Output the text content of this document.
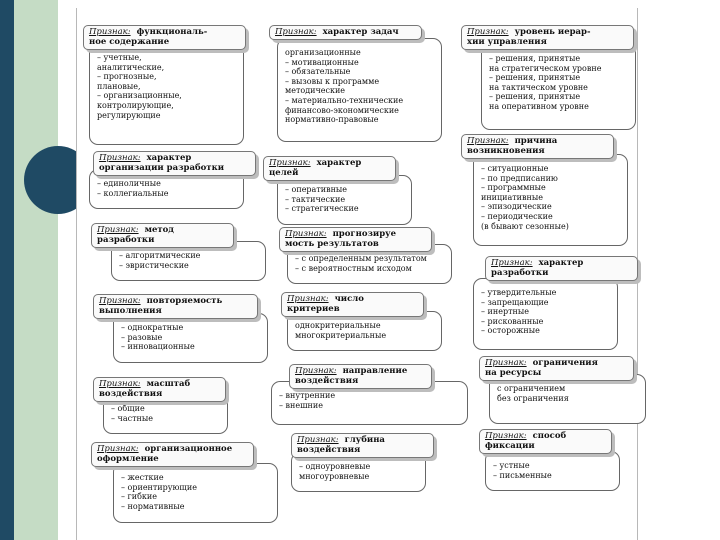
Признак: функциональ-
ное содержание
– учетные,
аналитические,
– прогнозные,
плановые,
– организационные,
контролирующие,
регулирующие
Признак: характер
организации разработки
– единоличные
– коллегиальные
Признак: метод
разработки
– алгоритмические
– эвристические
Признак: повторяемость
выполнения
– однократные
– разовые
– инновационные
Признак: масштаб
воздействия
– общие
– частные
Признак: организационное
оформление
– жесткие
– ориентирующие
– гибкие
– нормативные
Признак: характер задач
организационные
– мотивационные
– обязательные
– вызовы к программе
методические
– материально-технические
финансово-экономические
нормативно-правовые
Признак: характер
целей
– оперативные
– тактические
– стратегические
Признак: прогнозируе
мость результатов
– с определенным результатом
– с вероятностным исходом
Признак: число
критериев
однокритериальные
многокритериальные
Признак: направление
воздействия
– внутренние
– внешние
Признак: глубина
воздействия
– одноуровневые
многоуровневые
Признак: уровень иерар-
хии управления
– решения, принятые
на стратегическом уровне
– решения, принятые
на тактическом уровне
– решения, принятые
на оперативном уровне
Признак: причина
возникновения
– ситуационные
– по предписанию
– программные
инициативные
– эпизодические
– периодические
(в бывают сезонные)
Признак: характер
разработки
– утвердительные
– запрещающие
– инертные
– рискованные
– осторожные
Признак: ограничения
на ресурсы
с ограничением
без ограничения
Признак: способ
фиксации
– устные
– письменные
